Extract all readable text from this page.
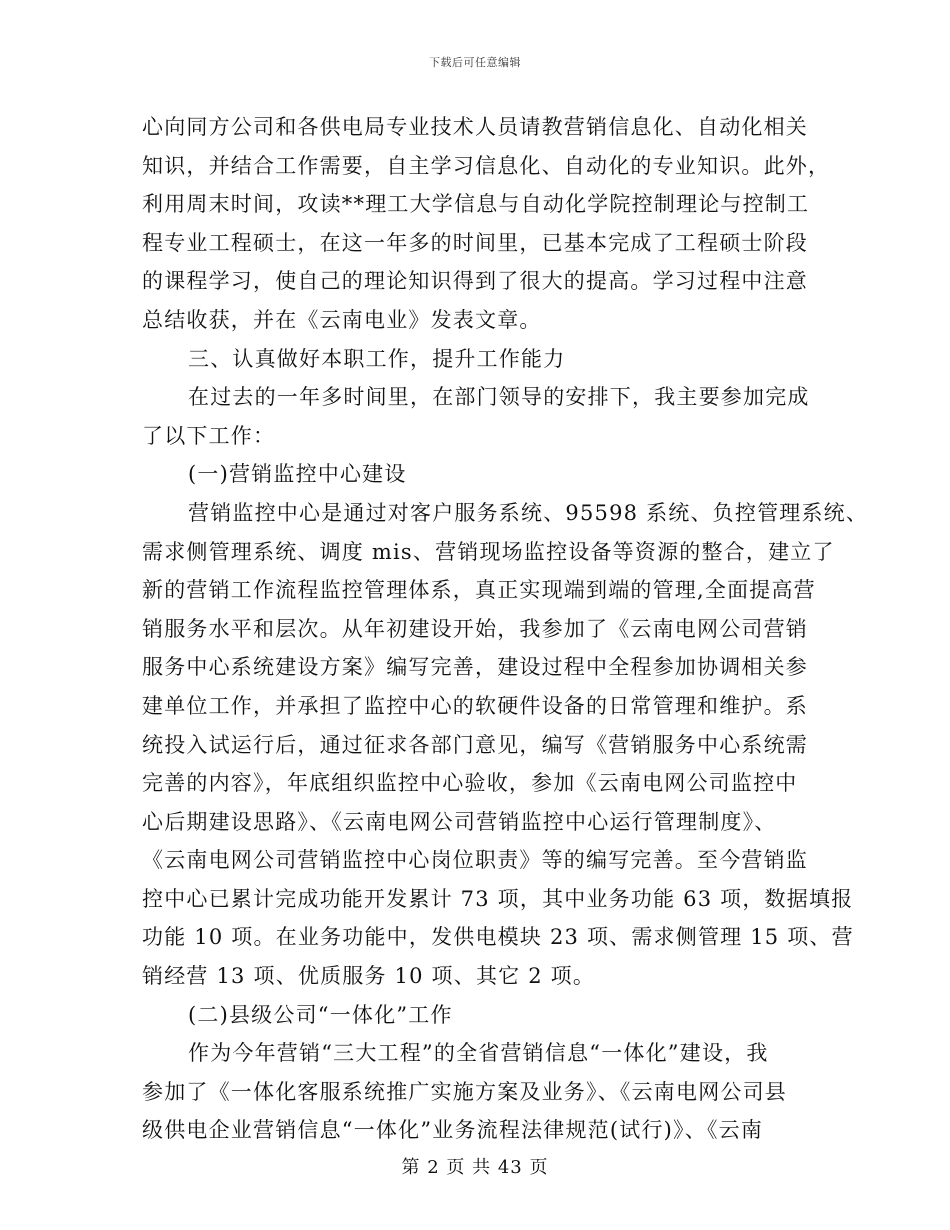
下载后可任意编辑
心向同方公司和各供电局专业技术人员请教营销信息化、自动化相关
知识，并结合工作需要，自主学习信息化、自动化的专业知识。此外，
利用周末时间，攻读**理工大学信息与自动化学院控制理论与控制工
程专业工程硕士，在这一年多的时间里，已基本完成了工程硕士阶段
的课程学习，使自己的理论知识得到了很大的提高。学习过程中注意
总结收获，并在《云南电业》发表文章。
三、认真做好本职工作，提升工作能力
在过去的一年多时间里，在部门领导的安排下，我主要参加完成
了以下工作：
(一)营销监控中心建设
营销监控中心是通过对客户服务系统、95598 系统、负控管理系统、
需求侧管理系统、调度 mis、营销现场监控设备等资源的整合，建立了
新的营销工作流程监控管理体系，真正实现端到端的管理,全面提高营
销服务水平和层次。从年初建设开始，我参加了《云南电网公司营销
服务中心系统建设方案》编写完善，建设过程中全程参加协调相关参
建单位工作，并承担了监控中心的软硬件设备的日常管理和维护。系
统投入试运行后，通过征求各部门意见，编写《营销服务中心系统需
完善的内容》，年底组织监控中心验收，参加《云南电网公司监控中
心后期建设思路》、《云南电网公司营销监控中心运行管理制度》、
《云南电网公司营销监控中心岗位职责》等的编写完善。至今营销监
控中心已累计完成功能开发累计 73 项，其中业务功能 63 项，数据填报
功能 10 项。在业务功能中，发供电模块 23 项、需求侧管理 15 项、营
销经营 13 项、优质服务 10 项、其它 2 项。
(二)县级公司“一体化”工作
作为今年营销“三大工程”的全省营销信息“一体化”建设，我
参加了《一体化客服系统推广实施方案及业务》、《云南电网公司县
级供电企业营销信息“一体化”业务流程法律规范(试行)》、《云南
第 2 页 共 43 页
